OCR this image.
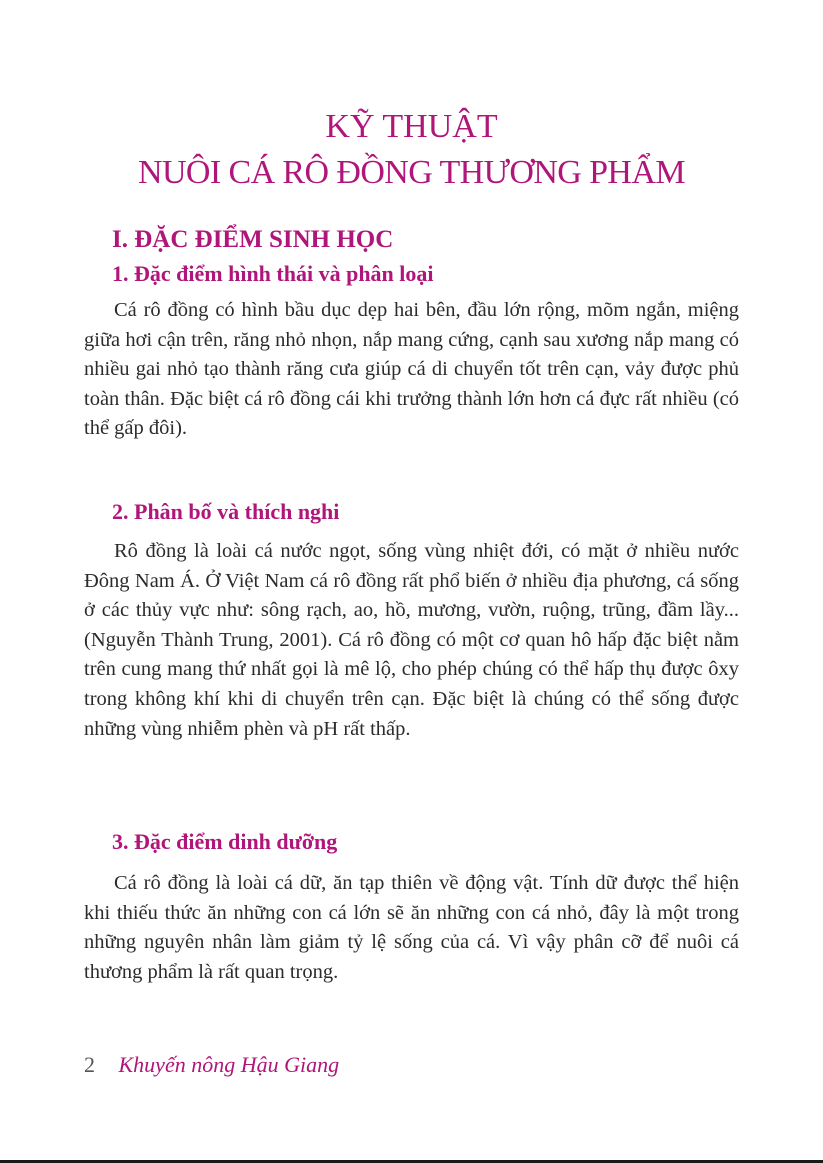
KỸ THUẬT
NUÔI CÁ RÔ ĐỒNG THƯƠNG PHẨM
I. ĐẶC ĐIỂM SINH HỌC
1. Đặc điểm hình thái và phân loại

Cá rô đồng có hình bầu dục dẹp hai bên, đầu lớn rộng, mõm ngắn, miệng giữa hơi cận trên, răng nhỏ nhọn, nắp mang cứng, cạnh sau xương nắp mang có nhiều gai nhỏ tạo thành răng cưa giúp cá di chuyển tốt trên cạn, vảy được phủ toàn thân. Đặc biệt cá rô đồng cái khi trưởng thành lớn hơn cá đực rất nhiều (có thể gấp đôi).

2. Phân bố và thích nghi

Rô đồng là loài cá nước ngọt, sống vùng nhiệt đới, có mặt ở nhiều nước Đông Nam Á. Ở Việt Nam cá rô đồng rất phổ biến ở nhiều địa phương, cá sống ở các thủy vực như: sông rạch, ao, hồ, mương, vườn, ruộng, trũng, đầm lầy... (Nguyễn Thành Trung, 2001). Cá rô đồng có một cơ quan hô hấp đặc biệt nằm trên cung mang thứ nhất gọi là mê lộ, cho phép chúng có thể hấp thụ được ôxy trong không khí khi di chuyển trên cạn. Đặc biệt là chúng có thể sống được những vùng nhiễm phèn và pH rất thấp.

3. Đặc điểm dinh dưỡng

Cá rô đồng là loài cá dữ, ăn tạp thiên về động vật. Tính dữ được thể hiện khi thiếu thức ăn những con cá lớn sẽ ăn những con cá nhỏ, đây là một trong những nguyên nhân làm giảm tỷ lệ sống của cá. Vì vậy phân cỡ để nuôi cá thương phẩm là rất quan trọng.

2 Khuyến nông Hậu Giang
